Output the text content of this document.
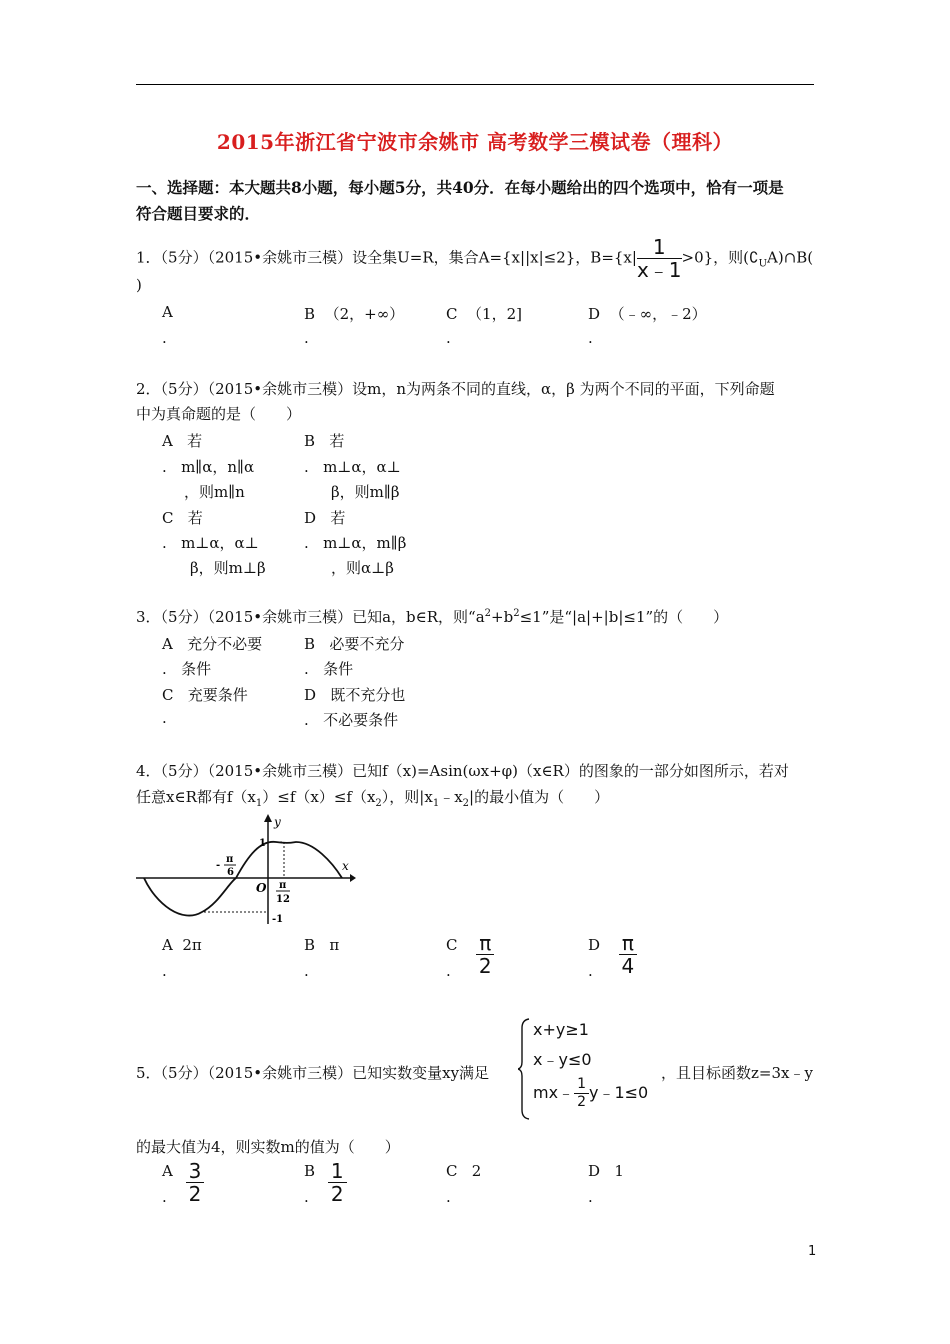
2015年浙江省宁波市余姚市 高考数学三模试卷（理科）
一、选择题：本大题共8小题，每小题5分，共40分．在每小题给出的四个选项中，恰有一项是
符合题目要求的．
1．（5分）（2015•余姚市三模）设全集U=R，集合A={x||x|≤2}，$B=\{x| \frac{1}{x﹣1} >0\}$，则$(∁_UA)\cap B$(
)
A
.
B （2，+∞）
.
C （1，2]
.
D （﹣∞，﹣2）
.
2．（5分）（2015•余姚市三模）设m，n为两条不同的直线，α，β 为两个不同的平面，下列命题
中为真命题的是（　　）
A   若
.   m∥α，n∥α
，则m∥n
B   若
.   m⊥α，α⊥
β，则m∥β
C   若
.   m⊥α，α⊥
β，则m⊥β
D   若
.   m⊥α，m∥β
，则α⊥β
3．（5分）（2015•余姚市三模）已知a，b∈R，则“$a^2+b^2\le 1$”是“|a|+|b|≤1”的（　　）
A   充分不必要
.   条件
B   必要不充分
.   条件
C   充要条件
.
D   既不充分也
.   不必要条件
4．（5分）（2015•余姚市三模）已知f（x)=Asin(ωx+φ)（x∈R）的图象的一部分如图所示，若对
任意x∈R都有$f(x_1)\le f(x)\le f(x_2)$，则$|x_1﹣x_2|$的最小值为（　　）
y
x
O
1
-1
-
π
6
π
12
A  2π
.
B   π
.
C $\frac{\pi}{2}$
.
D $\frac{\pi}{4}$
.
5．（5分）（2015•余姚市三模）已知实数变量xy满足
x+y≥1
x﹣y≤0
mx﹣ $\frac{1}{2}$ y﹣1≤0
，且目标函数z=3x﹣y
的最大值为4，则实数m的值为（　　）
A $\frac{3}{2}$
.
B $\frac{1}{2}$
.
C   2
.
D   1
.
1
